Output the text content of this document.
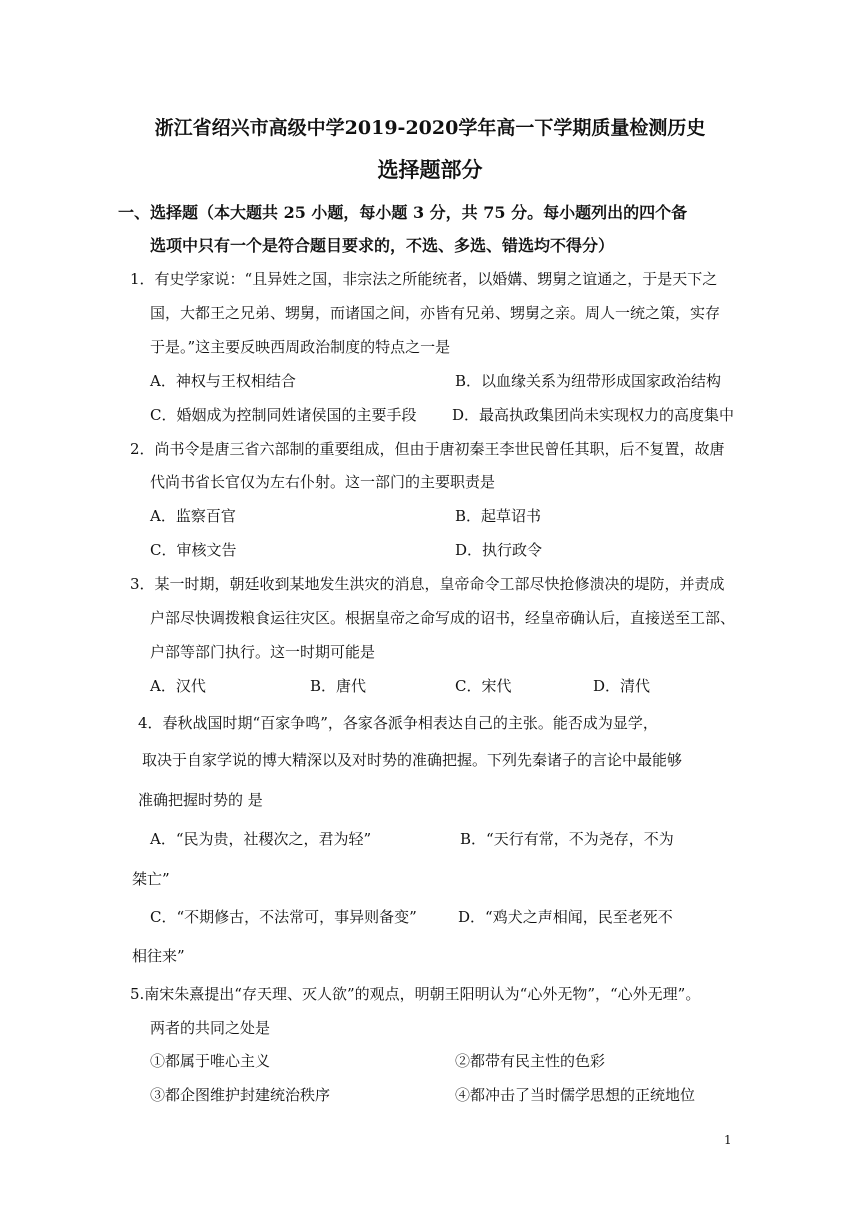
浙江省绍兴市高级中学2019-2020学年高一下学期质量检测历史
选择题部分
一、选择题（本大题共 25 小题，每小题 3 分，共 75 分。每小题列出的四个备
选项中只有一个是符合题目要求的，不选、多选、错选均不得分）
1．有史学家说：“且异姓之国，非宗法之所能统者，以婚媾、甥舅之谊通之，于是天下之
国，大都王之兄弟、甥舅，而诸国之间，亦皆有兄弟、甥舅之亲。周人一统之策，实存
于是。”这主要反映西周政治制度的特点之一是
A．神权与王权相结合	B．以血缘关系为纽带形成国家政治结构
C．婚姻成为控制同姓诸侯国的主要手段 D．最高执政集团尚未实现权力的高度集中
2．尚书令是唐三省六部制的重要组成，但由于唐初秦王李世民曾任其职，后不复置，故唐
代尚书省长官仅为左右仆射。这一部门的主要职责是
A．监察百官	B．起草诏书
C．审核文告	D．执行政令
3．某一时期，朝廷收到某地发生洪灾的消息，皇帝命令工部尽快抢修溃决的堤防，并责成
户部尽快调拨粮食运往灾区。根据皇帝之命写成的诏书，经皇帝确认后，直接送至工部、
户部等部门执行。这一时期可能是
A．汉代	B．唐代	C．宋代	D．清代
4．春秋战国时期“百家争鸣”，各家各派争相表达自己的主张。能否成为显学，
取决于自家学说的博大精深以及对时势的准确把握。下列先秦诸子的言论中最能够
准确把握时势的 是
A．“民为贵，社稷次之，君为轻”	B．“天行有常，不为尧存，不为
桀亡”
C．“不期修古，不法常可，事异则备变”	D．“鸡犬之声相闻，民至老死不
相往来”
5.南宋朱熹提出“存天理、灭人欲”的观点，明朝王阳明认为“心外无物”，“心外无理”。
两者的共同之处是
①都属于唯心主义	②都带有民主性的色彩
③都企图维护封建统治秩序	④都冲击了当时儒学思想的正统地位
1
